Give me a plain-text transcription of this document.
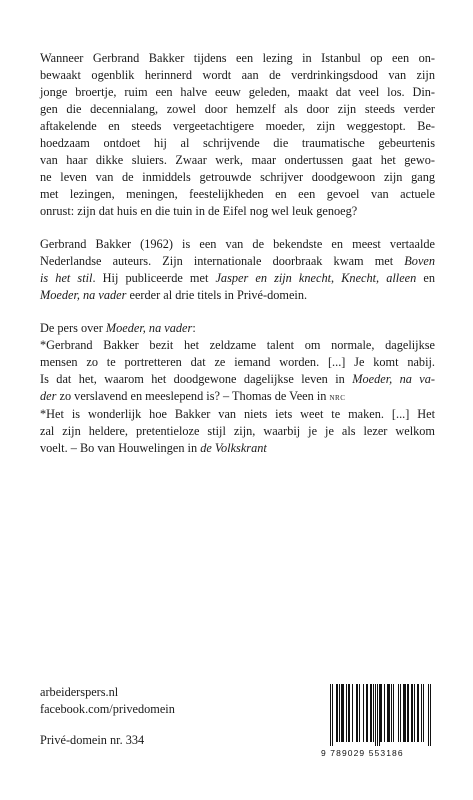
Wanneer Gerbrand Bakker tijdens een lezing in Istanbul op een on-
bewaakt ogenblik herinnerd wordt aan de verdrinkingsdood van zijn
jonge broertje, ruim een halve eeuw geleden, maakt dat veel los. Din-
gen die decennialang, zowel door hemzelf als door zijn steeds verder
aftakelende en steeds vergeetachtigere moeder, zijn weggestopt. Be-
hoedzaam ontdoet hij al schrijvende die traumatische gebeurtenis
van haar dikke sluiers. Zwaar werk, maar ondertussen gaat het gewo-
ne leven van de inmiddels getrouwde schrijver doodgewoon zijn gang
met lezingen, meningen, feestelijkheden en een gevoel van actuele
onrust: zijn dat huis en die tuin in de Eifel nog wel leuk genoeg?

Gerbrand Bakker (1962) is een van de bekendste en meest vertaalde
Nederlandse auteurs. Zijn internationale doorbraak kwam met Boven
is het stil. Hij publiceerde met Jasper en zijn knecht, Knecht, alleen en
Moeder, na vader eerder al drie titels in Privé-domein.

De pers over Moeder, na vader:
*Gerbrand Bakker bezit het zeldzame talent om normale, dagelijkse
mensen zo te portretteren dat ze iemand worden. [...] Je komt nabij.
Is dat het, waarom het doodgewone dagelijkse leven in Moeder, na va-
der zo verslavend en meeslepend is? – Thomas de Veen in nrc
*Het is wonderlijk hoe Bakker van niets iets weet te maken. [...] Het
zal zijn heldere, pretentieloze stijl zijn, waarbij je je als lezer welkom
voelt. – Bo van Houwelingen in de Volkskrant

arbeiderspers.nl
facebook.com/privedomein
Privé-domein nr. 334
9 789029 553186
